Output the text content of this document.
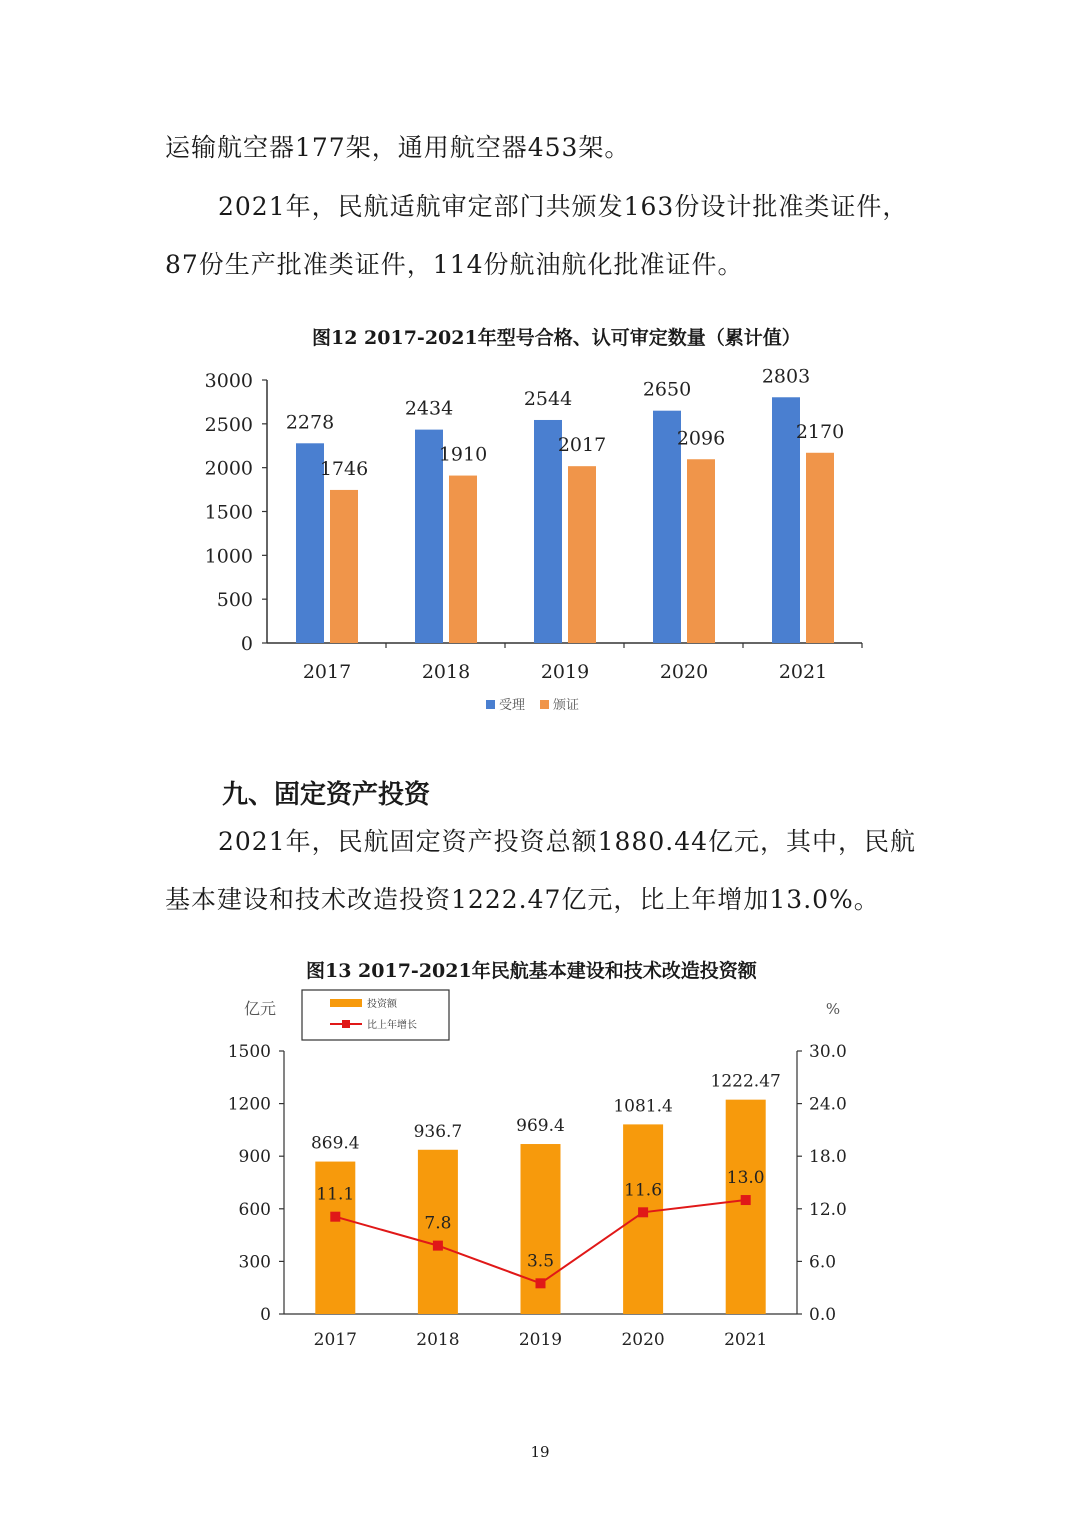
运输航空器177架，通用航空器453架。
2021年，民航适航审定部门共颁发163份设计批准类证件，
87份生产批准类证件，114份航油航化批准证件。
图12 2017-2021年型号合格、认可审定数量（累计值）
0
500
1000
1500
2000
2500
3000
2278
1746
2017
2434
1910
2018
2544
2017
2019
2650
2096
2020
2803
2170
2021
受理 颁证
九、固定资产投资
2021年，民航固定资产投资总额1880.44亿元，其中，民航
基本建设和技术改造投资1222.47亿元，比上年增加13.0%。
图13 2017-2021年民航基本建设和技术改造投资额
亿元	%
0
300
600
900
1200
1500
0.0
6.0
12.0
18.0
24.0
30.0
869.4
2017
936.7
2018
969.4
2019
1081.4
2020
1222.47
2021
11.1
7.8
3.5
11.6
13.0
投资额
比上年增长
19
